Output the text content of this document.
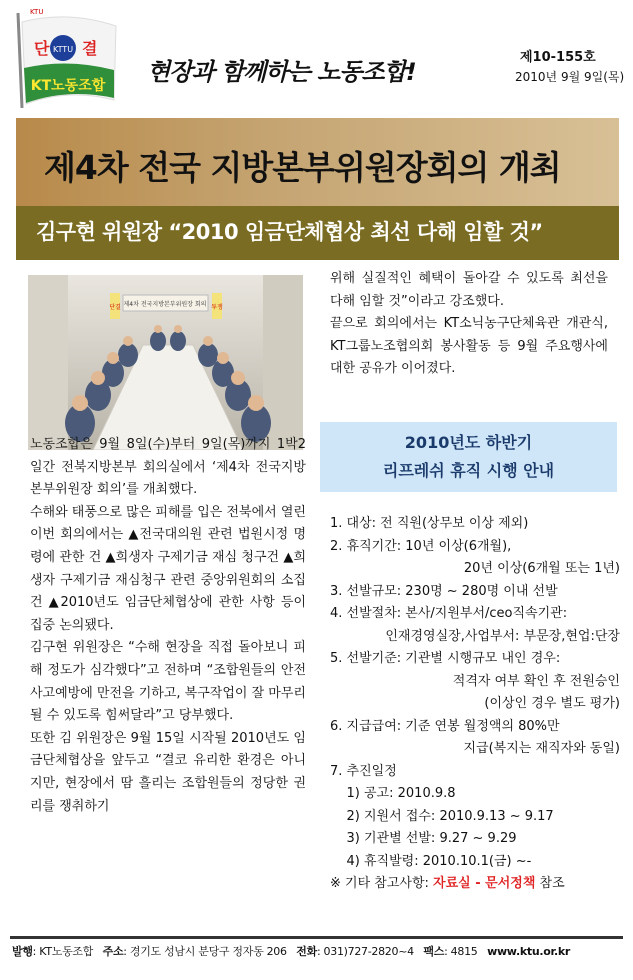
KTTU
단 결
KT노동조합
KTU
현장과 함께하는 노동조합!
제10-155호
2010년 9월 9일(목)
제4차 전국 지방본부위원장회의 개최
김구현 위원장 “2010 임금단체협상 최선 다해 임할 것”
제4차 전국지방본부위원장 회의
단결	투쟁

노동조합은 9월 8일(수)부터 9일(목)까지 1박2일간 전북지방본부 회의실에서 ‘제4차 전국지방본부위원장 회의’를 개최했다.

수해와 태풍으로 많은 피해를 입은 전북에서 열린 이번 회의에서는 ▲전국대의원 관련 법원시정 명령에 관한 건 ▲희생자 구제기금 재심 청구건 ▲희생자 구제기금 재심청구 관련 중앙위원회의 소집 건 ▲2010년도 임금단체협상에 관한 사항 등이 집중 논의됐다.

김구현 위원장은 “수해 현장을 직접 돌아보니 피해 정도가 심각했다”고 전하며 “조합원들의 안전사고예방에 만전을 기하고, 복구작업이 잘 마무리될 수 있도록 힘써달라”고 당부했다.

또한 김 위원장은 9월 15일 시작될 2010년도 임금단체협상을 앞두고 “결코 유리한 환경은 아니지만, 현장에서 땀 흘리는 조합원들의 정당한 권리를 쟁취하기

위해 실질적인 혜택이 돌아갈 수 있도록 최선을 다해 임할 것”이라고 강조했다.

끝으로 회의에서는 KT소닉농구단체육관 개관식, KT그룹노조협의회 봉사활동 등 9월 주요행사에 대한 공유가 이어졌다.

2010년도 하반기
리프레쉬 휴직 시행 안내
1. 대상: 전 직원(상무보 이상 제외)
2. 휴직기간: 10년 이상(6개월),
20년 이상(6개월 또는 1년)
3. 선발규모: 230명 ~ 280명 이내 선발
4. 선발절차: 본사/지원부서/ceo직속기관:
인재경영실장,사업부서: 부문장,현업:단장
5. 선발기준: 기관별 시행규모 내인 경우:
적격자 여부 확인 후 전원승인
(이상인 경우 별도 평가)
6. 지급급여: 기준 연봉 월정액의 80%만
지급(복지는 재직자와 동일)
7. 추진일정
1) 공고: 2010.9.8
2) 지원서 접수: 2010.9.13 ~ 9.17
3) 기관별 선발: 9.27 ~ 9.29
4) 휴직발령: 2010.10.1(금) ~-
※ 기타 참고사항: 자료실 - 문서정책 참조
발행: KT노동조합 주소: 경기도 성남시 분당구 정자동 206 전화: 031)727-2820~4 팩스: 4815 www.ktu.or.kr
